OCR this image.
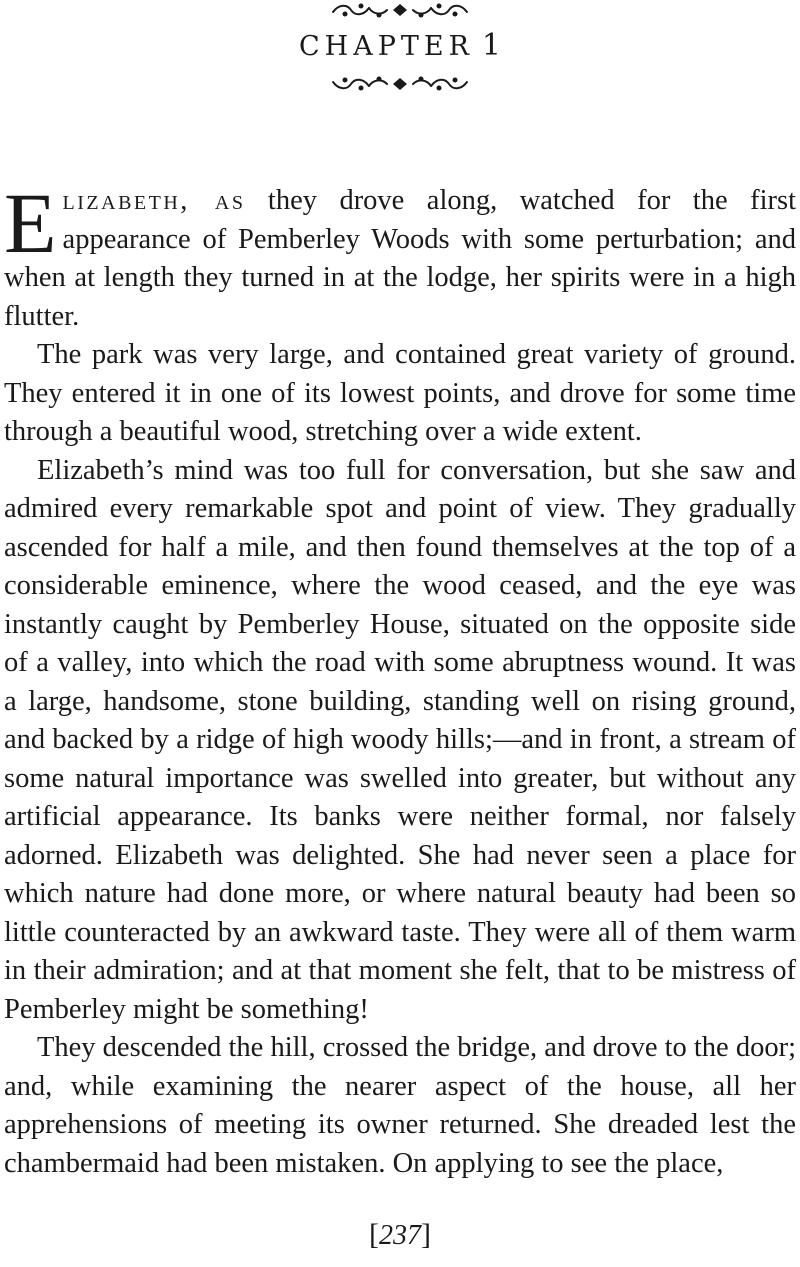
CHAPTER 1

Elizabeth, as they drove along, watched for the first appearance of Pemberley Woods with some perturbation; and when at length they turned in at the lodge, her spirits were in a high flutter.

The park was very large, and contained great variety of ground. They entered it in one of its lowest points, and drove for some time through a beautiful wood, stretching over a wide extent.

Elizabeth’s mind was too full for conversation, but she saw and admired every remarkable spot and point of view. They gradually ascended for half a mile, and then found themselves at the top of a considerable eminence, where the wood ceased, and the eye was instantly caught by Pemberley House, situated on the opposite side of a valley, into which the road with some abruptness wound. It was a large, handsome, stone building, standing well on rising ground, and backed by a ridge of high woody hills;—and in front, a stream of some natural importance was swelled into greater, but without any artificial appearance. Its banks were neither formal, nor falsely adorned. Elizabeth was delighted. She had never seen a place for which nature had done more, or where natural beauty had been so little counteracted by an awkward taste. They were all of them warm in their admiration; and at that moment she felt, that to be mistress of Pemberley might be something!

They descended the hill, crossed the bridge, and drove to the door; and, while examining the nearer aspect of the house, all her apprehensions of meeting its owner returned. She dreaded lest the chambermaid had been mistaken. On applying to see the place,

[237]
